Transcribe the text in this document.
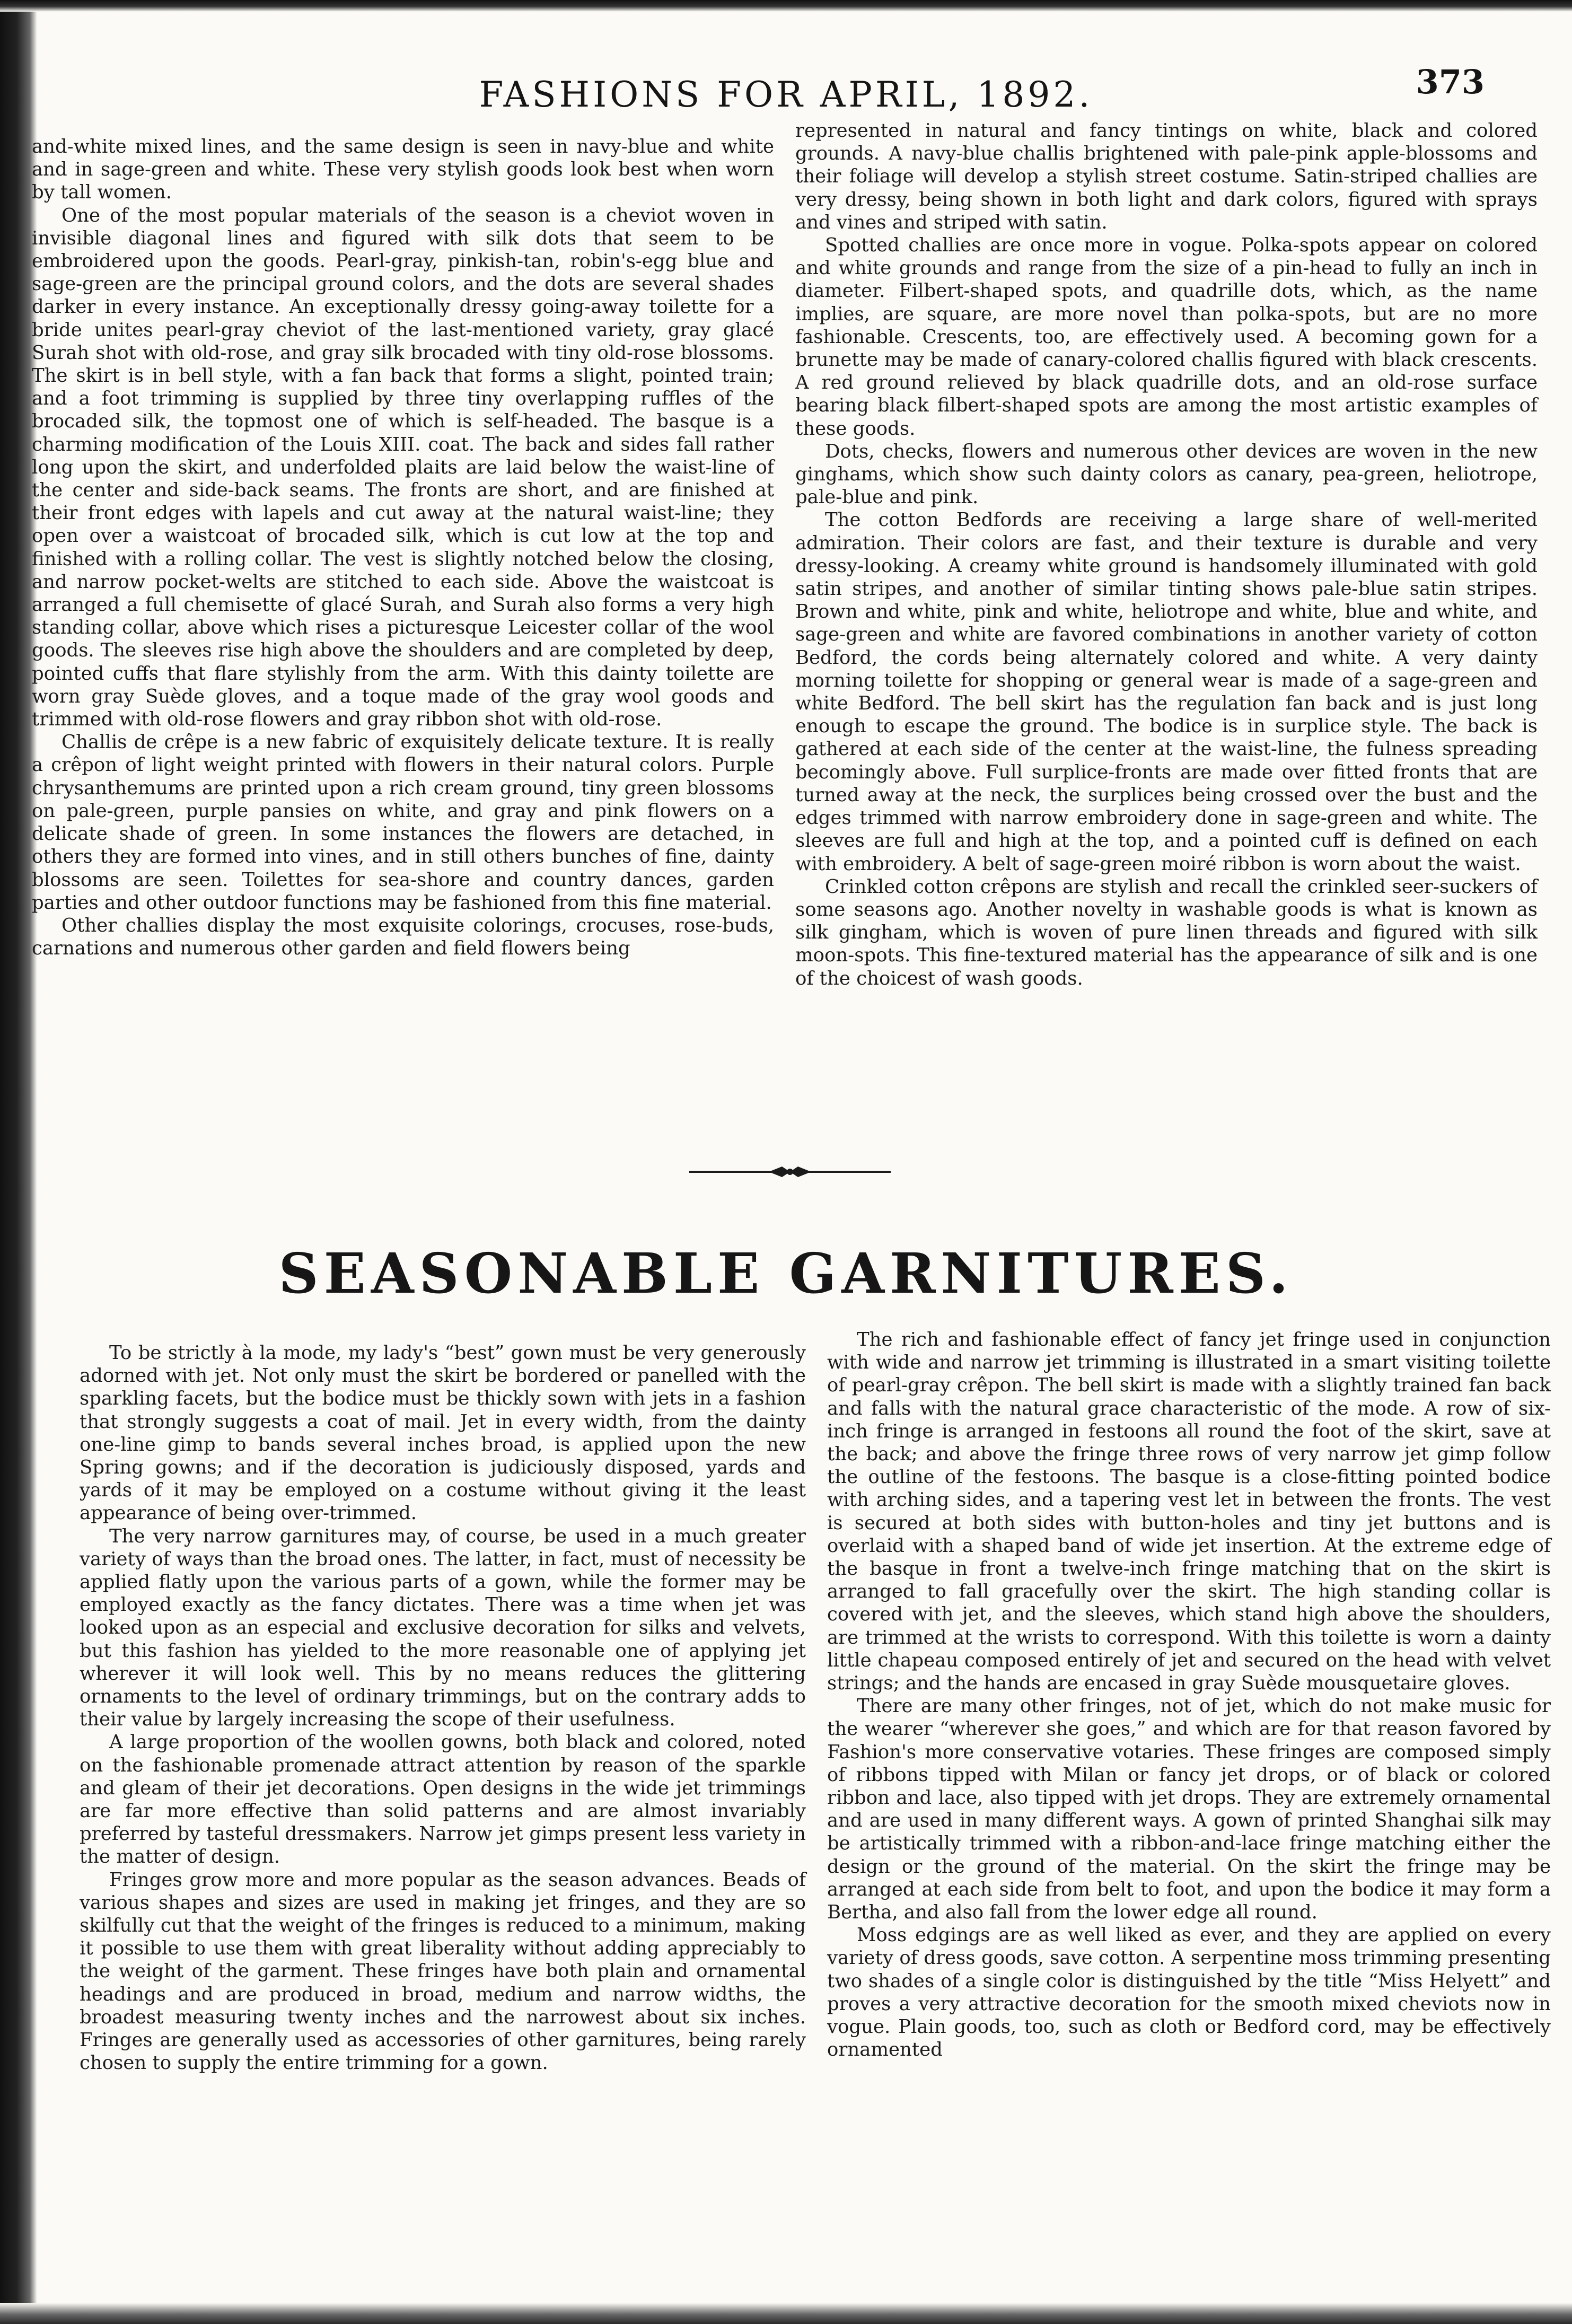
FASHIONS FOR APRIL, 1892.	373

and-white mixed lines, and the same design is seen in navy-blue and white and in sage-green and white. These very stylish goods look best when worn by tall women.

One of the most popular materials of the season is a cheviot woven in invisible diagonal lines and figured with silk dots that seem to be embroidered upon the goods. Pearl-gray, pinkish-tan, robin's-egg blue and sage-green are the principal ground colors, and the dots are several shades darker in every instance. An exceptionally dressy going-away toilette for a bride unites pearl-gray cheviot of the last-mentioned variety, gray glacé Surah shot with old-rose, and gray silk brocaded with tiny old-rose blossoms. The skirt is in bell style, with a fan back that forms a slight, pointed train; and a foot trimming is supplied by three tiny overlapping ruffles of the brocaded silk, the topmost one of which is self-headed. The basque is a charming modification of the Louis XIII. coat. The back and sides fall rather long upon the skirt, and underfolded plaits are laid below the waist-line of the center and side-back seams. The fronts are short, and are finished at their front edges with lapels and cut away at the natural waist-line; they open over a waistcoat of brocaded silk, which is cut low at the top and finished with a rolling collar. The vest is slightly notched below the closing, and narrow pocket-welts are stitched to each side. Above the waistcoat is arranged a full chemisette of glacé Surah, and Surah also forms a very high standing collar, above which rises a picturesque Leicester collar of the wool goods. The sleeves rise high above the shoulders and are completed by deep, pointed cuffs that flare stylishly from the arm. With this dainty toilette are worn gray Suède gloves, and a toque made of the gray wool goods and trimmed with old-rose flowers and gray ribbon shot with old-rose.

Challis de crêpe is a new fabric of exquisitely delicate texture. It is really a crêpon of light weight printed with flowers in their natural colors. Purple chrysanthemums are printed upon a rich cream ground, tiny green blossoms on pale-green, purple pansies on white, and gray and pink flowers on a delicate shade of green. In some instances the flowers are detached, in others they are formed into vines, and in still others bunches of fine, dainty blossoms are seen. Toilettes for sea-shore and country dances, garden parties and other outdoor functions may be fashioned from this fine material.

Other challies display the most exquisite colorings, crocuses, rose-buds, carnations and numerous other garden and field flowers being

represented in natural and fancy tintings on white, black and colored grounds. A navy-blue challis brightened with pale-pink apple-blossoms and their foliage will develop a stylish street costume. Satin-striped challies are very dressy, being shown in both light and dark colors, figured with sprays and vines and striped with satin.

Spotted challies are once more in vogue. Polka-spots appear on colored and white grounds and range from the size of a pin-head to fully an inch in diameter. Filbert-shaped spots, and quadrille dots, which, as the name implies, are square, are more novel than polka-spots, but are no more fashionable. Crescents, too, are effectively used. A becoming gown for a brunette may be made of canary-colored challis figured with black crescents. A red ground relieved by black quadrille dots, and an old-rose surface bearing black filbert-shaped spots are among the most artistic examples of these goods.

Dots, checks, flowers and numerous other devices are woven in the new ginghams, which show such dainty colors as canary, pea-green, heliotrope, pale-blue and pink.

The cotton Bedfords are receiving a large share of well-merited admiration. Their colors are fast, and their texture is durable and very dressy-looking. A creamy white ground is handsomely illuminated with gold satin stripes, and another of similar tinting shows pale-blue satin stripes. Brown and white, pink and white, heliotrope and white, blue and white, and sage-green and white are favored combinations in another variety of cotton Bedford, the cords being alternately colored and white. A very dainty morning toilette for shopping or general wear is made of a sage-green and white Bedford. The bell skirt has the regulation fan back and is just long enough to escape the ground. The bodice is in surplice style. The back is gathered at each side of the center at the waist-line, the fulness spreading becomingly above. Full surplice-fronts are made over fitted fronts that are turned away at the neck, the surplices being crossed over the bust and the edges trimmed with narrow embroidery done in sage-green and white. The sleeves are full and high at the top, and a pointed cuff is defined on each with embroidery. A belt of sage-green moiré ribbon is worn about the waist.

Crinkled cotton crêpons are stylish and recall the crinkled seer-suckers of some seasons ago. Another novelty in washable goods is what is known as silk gingham, which is woven of pure linen threads and figured with silk moon-spots. This fine-textured material has the appearance of silk and is one of the choicest of wash goods.

SEASONABLE GARNITURES.

To be strictly à la mode, my lady's “best” gown must be very generously adorned with jet. Not only must the skirt be bordered or panelled with the sparkling facets, but the bodice must be thickly sown with jets in a fashion that strongly suggests a coat of mail. Jet in every width, from the dainty one-line gimp to bands several inches broad, is applied upon the new Spring gowns; and if the decoration is judiciously disposed, yards and yards of it may be employed on a costume without giving it the least appearance of being over-trimmed.

The very narrow garnitures may, of course, be used in a much greater variety of ways than the broad ones. The latter, in fact, must of necessity be applied flatly upon the various parts of a gown, while the former may be employed exactly as the fancy dictates. There was a time when jet was looked upon as an especial and exclusive decoration for silks and velvets, but this fashion has yielded to the more reasonable one of applying jet wherever it will look well. This by no means reduces the glittering ornaments to the level of ordinary trimmings, but on the contrary adds to their value by largely increasing the scope of their usefulness.

A large proportion of the woollen gowns, both black and colored, noted on the fashionable promenade attract attention by reason of the sparkle and gleam of their jet decorations. Open designs in the wide jet trimmings are far more effective than solid patterns and are almost invariably preferred by tasteful dressmakers. Narrow jet gimps present less variety in the matter of design.

Fringes grow more and more popular as the season advances. Beads of various shapes and sizes are used in making jet fringes, and they are so skilfully cut that the weight of the fringes is reduced to a minimum, making it possible to use them with great liberality without adding appreciably to the weight of the garment. These fringes have both plain and ornamental headings and are produced in broad, medium and narrow widths, the broadest measuring twenty inches and the narrowest about six inches. Fringes are generally used as accessories of other garnitures, being rarely chosen to supply the entire trimming for a gown.

The rich and fashionable effect of fancy jet fringe used in conjunction with wide and narrow jet trimming is illustrated in a smart visiting toilette of pearl-gray crêpon. The bell skirt is made with a slightly trained fan back and falls with the natural grace characteristic of the mode. A row of six-inch fringe is arranged in festoons all round the foot of the skirt, save at the back; and above the fringe three rows of very narrow jet gimp follow the outline of the festoons. The basque is a close-fitting pointed bodice with arching sides, and a tapering vest let in between the fronts. The vest is secured at both sides with button-holes and tiny jet buttons and is overlaid with a shaped band of wide jet insertion. At the extreme edge of the basque in front a twelve-inch fringe matching that on the skirt is arranged to fall gracefully over the skirt. The high standing collar is covered with jet, and the sleeves, which stand high above the shoulders, are trimmed at the wrists to correspond. With this toilette is worn a dainty little chapeau composed entirely of jet and secured on the head with velvet strings; and the hands are encased in gray Suède mousquetaire gloves.

There are many other fringes, not of jet, which do not make music for the wearer “wherever she goes,” and which are for that reason favored by Fashion's more conservative votaries. These fringes are composed simply of ribbons tipped with Milan or fancy jet drops, or of black or colored ribbon and lace, also tipped with jet drops. They are extremely ornamental and are used in many different ways. A gown of printed Shanghai silk may be artistically trimmed with a ribbon-and-lace fringe matching either the design or the ground of the material. On the skirt the fringe may be arranged at each side from belt to foot, and upon the bodice it may form a Bertha, and also fall from the lower edge all round.

Moss edgings are as well liked as ever, and they are applied on every variety of dress goods, save cotton. A serpentine moss trimming presenting two shades of a single color is distinguished by the title “Miss Helyett” and proves a very attractive decoration for the smooth mixed cheviots now in vogue. Plain goods, too, such as cloth or Bedford cord, may be effectively ornamented
